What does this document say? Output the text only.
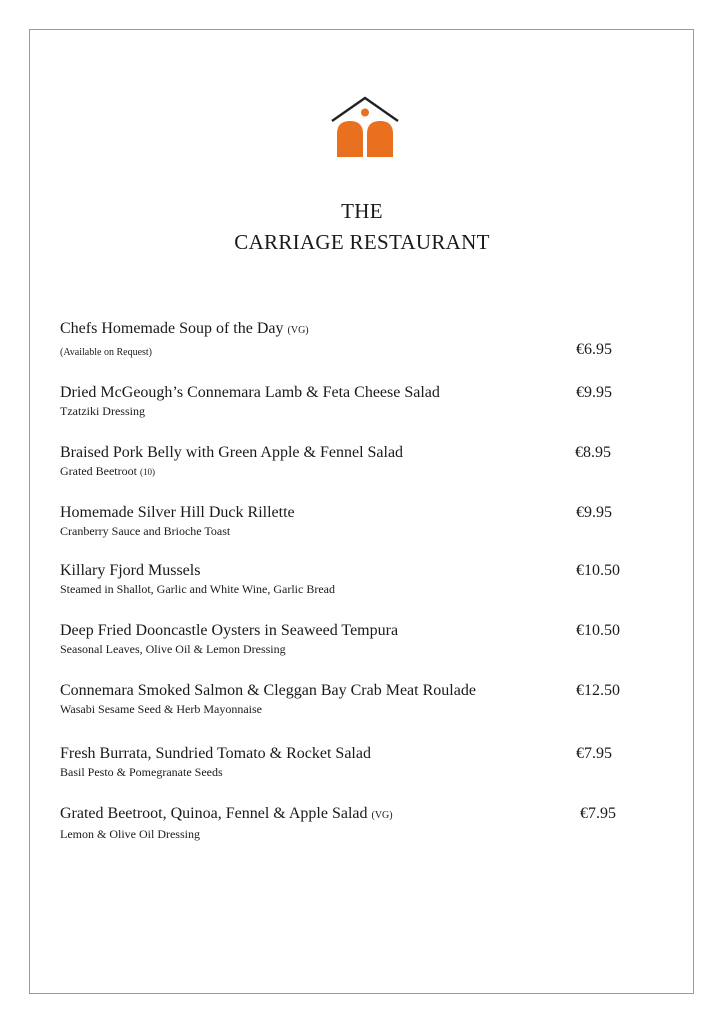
THE
CARRIAGE RESTAURANT
Chefs Homemade Soup of the Day (VG)
(Available on Request)	€6.95
Dried McGeough’s Connemara Lamb & Feta Cheese Salad
Tzatziki Dressing
€9.95
Braised Pork Belly with Green Apple & Fennel Salad
Grated Beetroot (10)
€8.95
Homemade Silver Hill Duck Rillette
Cranberry Sauce and Brioche Toast
€9.95
Killary Fjord Mussels
Steamed in Shallot, Garlic and White Wine, Garlic Bread
€10.50
Deep Fried Dooncastle Oysters in Seaweed Tempura
Seasonal Leaves, Olive Oil & Lemon Dressing
€10.50
Connemara Smoked Salmon & Cleggan Bay Crab Meat Roulade
Wasabi Sesame Seed & Herb Mayonnaise
€12.50
Fresh Burrata, Sundried Tomato & Rocket Salad
Basil Pesto & Pomegranate Seeds
€7.95
Grated Beetroot, Quinoa, Fennel & Apple Salad (VG)
Lemon & Olive Oil Dressing
€7.95
